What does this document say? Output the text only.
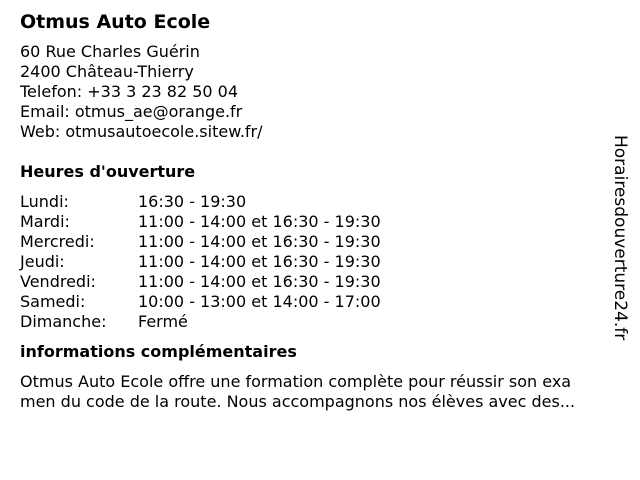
Otmus Auto Ecole
60 Rue Charles Guérin
2400 Château-Thierry
Telefon: +33 3 23 82 50 04
Email: otmus_ae@orange.fr
Web: otmusautoecole.sitew.fr/
Heures d'ouverture
Lundi:	16:30 - 19:30
Mardi:	11:00 - 14:00 et 16:30 - 19:30
Mercredi:	11:00 - 14:00 et 16:30 - 19:30
Jeudi:	11:00 - 14:00 et 16:30 - 19:30
Vendredi:	11:00 - 14:00 et 16:30 - 19:30
Samedi:	10:00 - 13:00 et 14:00 - 17:00
Dimanche:	Fermé
informations complémentaires
Otmus Auto Ecole offre une formation complète pour réussir son exa
men du code de la route. Nous accompagnons nos élèves avec des...
Horairesdouverture24.fr
